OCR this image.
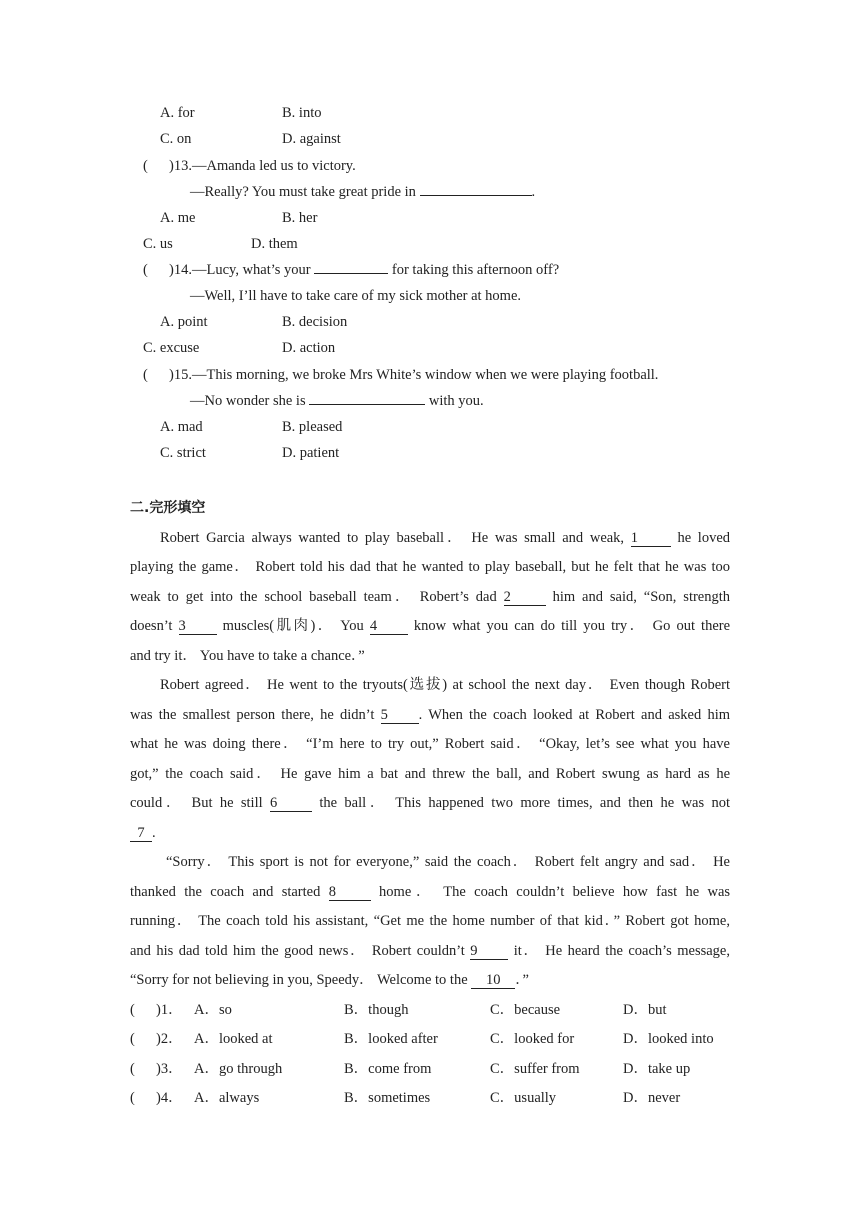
A. for	B. into
C. on	D. against
( )13.—Amanda led us to victory.
—Really? You must take great pride in	.
A. me	B. her
C. us	D. them
( )14.—Lucy, what’s your	for taking this afternoon off?
—Well, I’ll have to take care of my sick mother at home.
A. point	B. decision
C. excuse	D. action
( )15.—This morning, we broke Mrs White’s window when we were playing football.
—No wonder she is	with you.
A. mad	B. pleased
C. strict	D. patient
二.完形填空
Robert Garcia always wanted to play baseball． He was small and weak, 1	he loved
playing the game． Robert told his dad that he wanted to play baseball, but he felt that he was too
weak to get into the school baseball team． Robert’s dad 2	him and said, “Son, strength
doesn’t 3	muscles(肌肉)． You 4	know what you can do till you try． Go out there
and try it． You have to take a chance．”
Robert agreed． He went to the tryouts(选拔) at school the next day． Even though Robert
was the smallest person there, he didn’t 5 . When the coach looked at Robert and asked him
what he was doing there． “I’m here to try out,” Robert said． “Okay, let’s see what you have
got,” the coach said． He gave him a bat and threw the ball, and Robert swung as hard as he
could． But he still 6	the ball． This happened two more times, and then he was not
7 .
“Sorry． This sport is not for everyone,” said the coach． Robert felt angry and sad． He
thanked the coach and started 8	home． The coach couldn’t believe how fast he was
running． The coach told his assistant, “Get me the home number of that kid．” Robert got home,
and his dad told him the good news． Robert couldn’t 9 it． He heard the coach’s message,
“Sorry for not believing in you, Speedy． Welcome to the 10 ．”
( )1． A．so	B．though	C．because	D．but
( )2． A．looked at	B．looked after	C．looked for	D．looked into
( )3． A．go through	B．come from	C．suffer from	D．take up
( )4． A．always	B．sometimes	C．usually	D．never
